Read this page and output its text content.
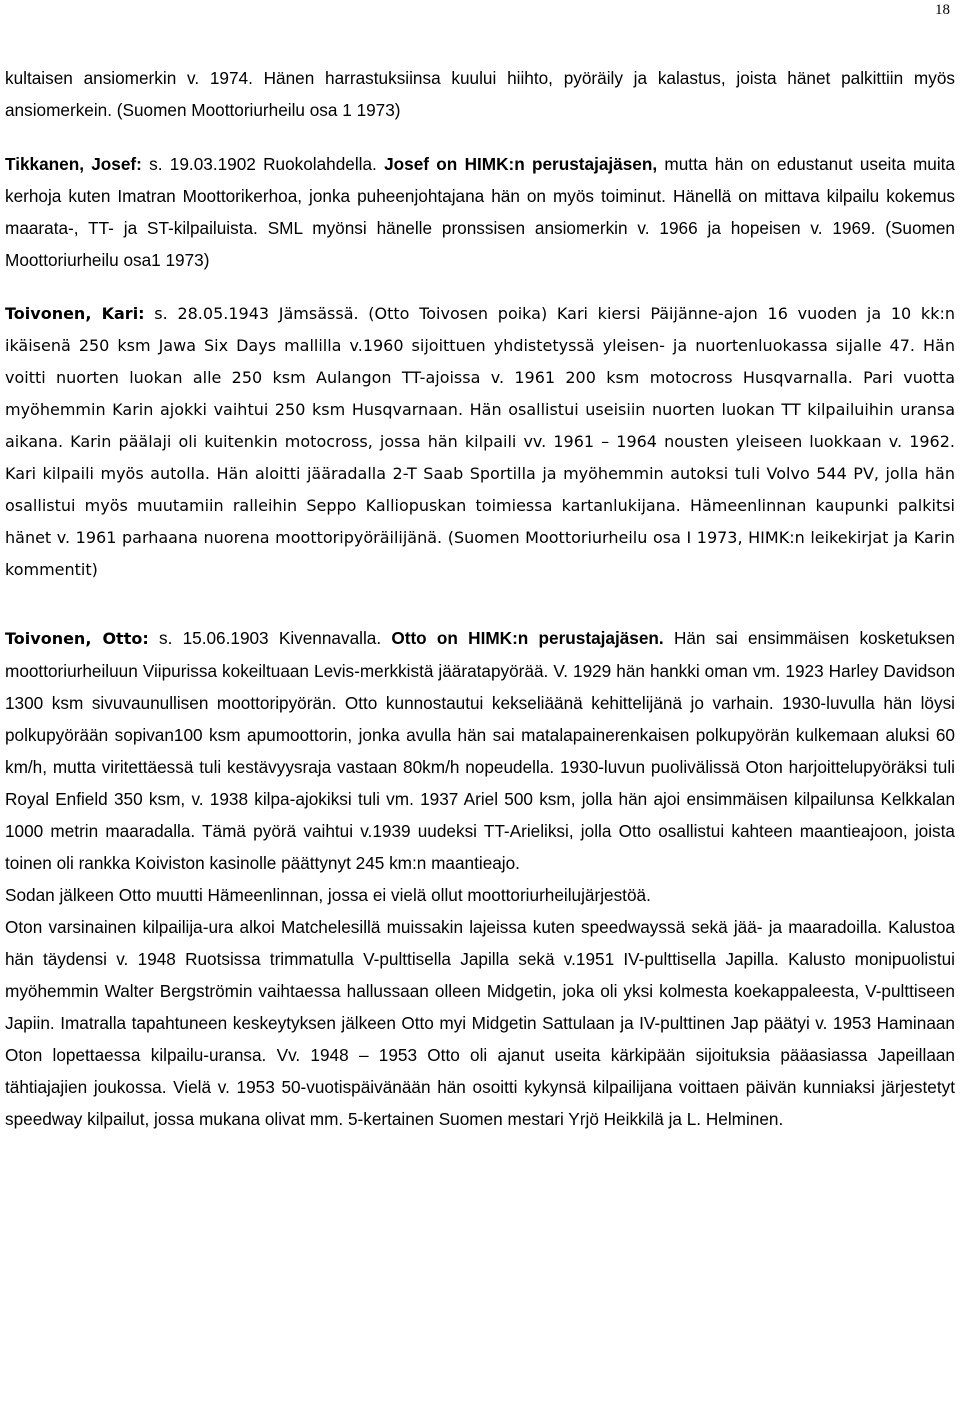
18

kultaisen ansiomerkin v. 1974. Hänen harrastuksiinsa kuului hiihto, pyöräily ja kalastus, joista hänet palkittiin myös ansiomerkein. (Suomen Moottoriurheilu osa 1 1973)

Tikkanen, Josef: s. 19.03.1902 Ruokolahdella. Josef on HIMK:n perustajajäsen, mutta hän on edustanut useita muita kerhoja kuten Imatran Moottorikerhoa, jonka puheenjohtajana hän on myös toiminut. Hänellä on mittava kilpailu kokemus maarata-, TT- ja ST-kilpailuista. SML myönsi hänelle pronssisen ansiomerkin v. 1966 ja hopeisen v. 1969. (Suomen Moottoriurheilu osa1 1973)

Toivonen, Kari: s. 28.05.1943 Jämsässä. (Otto Toivosen poika) Kari kiersi Päijänne-ajon 16 vuoden ja 10 kk:n ikäisenä 250 ksm Jawa Six Days mallilla v.1960 sijoittuen yhdistetyssä yleisen- ja nuortenluokassa sijalle 47. Hän voitti nuorten luokan alle 250 ksm Aulangon TT-ajoissa v. 1961 200 ksm motocross Husqvarnalla. Pari vuotta myöhemmin Karin ajokki vaihtui 250 ksm Husqvarnaan. Hän osallistui useisiin nuorten luokan TT kilpailuihin uransa aikana. Karin päälaji oli kuitenkin motocross, jossa hän kilpaili vv. 1961 – 1964 nousten yleiseen luokkaan v. 1962. Kari kilpaili myös autolla. Hän aloitti jääradalla 2-T Saab Sportilla ja myöhemmin autoksi tuli Volvo 544 PV, jolla hän osallistui myös muutamiin ralleihin Seppo Kalliopuskan toimiessa kartanlukijana. Hämeenlinnan kaupunki palkitsi hänet v. 1961 parhaana nuorena moottoripyöräilijänä. (Suomen Moottoriurheilu osa I 1973, HIMK:n leikekirjat ja Karin kommentit)

Toivonen, Otto: s. 15.06.1903 Kivennavalla. Otto on HIMK:n perustajajäsen. Hän sai ensimmäisen kosketuksen moottoriurheiluun Viipurissa kokeiltuaan Levis-merkkistä jääratapyörää. V. 1929 hän hankki oman vm. 1923 Harley Davidson 1300 ksm sivuvaunullisen moottoripyörän. Otto kunnostautui kekseliäänä kehittelijänä jo varhain. 1930-luvulla hän löysi polkupyörään sopivan100 ksm apumoottorin, jonka avulla hän sai matalapainerenkaisen polkupyörän kulkemaan aluksi 60 km/h, mutta viritettäessä tuli kestävyysraja vastaan 80km/h nopeudella. 1930-luvun puolivälissä Oton harjoittelupyöräksi tuli Royal Enfield 350 ksm, v. 1938 kilpa-ajokiksi tuli vm. 1937 Ariel 500 ksm, jolla hän ajoi ensimmäisen kilpailunsa Kelkkalan 1000 metrin maaradalla. Tämä pyörä vaihtui v.1939 uudeksi TT-Arieliksi, jolla Otto osallistui kahteen maantieajoon, joista toinen oli rankka Koiviston kasinolle päättynyt 245 km:n maantieajo.

Sodan jälkeen Otto muutti Hämeenlinnan, jossa ei vielä ollut moottoriurheilujärjestöä.

Oton varsinainen kilpailija-ura alkoi Matchelesillä muissakin lajeissa kuten speedwayssä sekä jää- ja maaradoilla. Kalustoa hän täydensi v. 1948 Ruotsissa trimmatulla V-pulttisella Japilla sekä v.1951 IV-pulttisella Japilla. Kalusto monipuolistui myöhemmin Walter Bergströmin vaihtaessa hallussaan olleen Midgetin, joka oli yksi kolmesta koekappaleesta, V-pulttiseen Japiin. Imatralla tapahtuneen keskeytyksen jälkeen Otto myi Midgetin Sattulaan ja IV-pulttinen Jap päätyi v. 1953 Haminaan Oton lopettaessa kilpailu-uransa. Vv. 1948 – 1953 Otto oli ajanut useita kärkipään sijoituksia pääasiassa Japeillaan tähtiajajien joukossa. Vielä v. 1953 50-vuotispäivänään hän osoitti kykynsä kilpailijana voittaen päivän kunniaksi järjestetyt speedway kilpailut, jossa mukana olivat mm. 5-kertainen Suomen mestari Yrjö Heikkilä ja L. Helminen.
